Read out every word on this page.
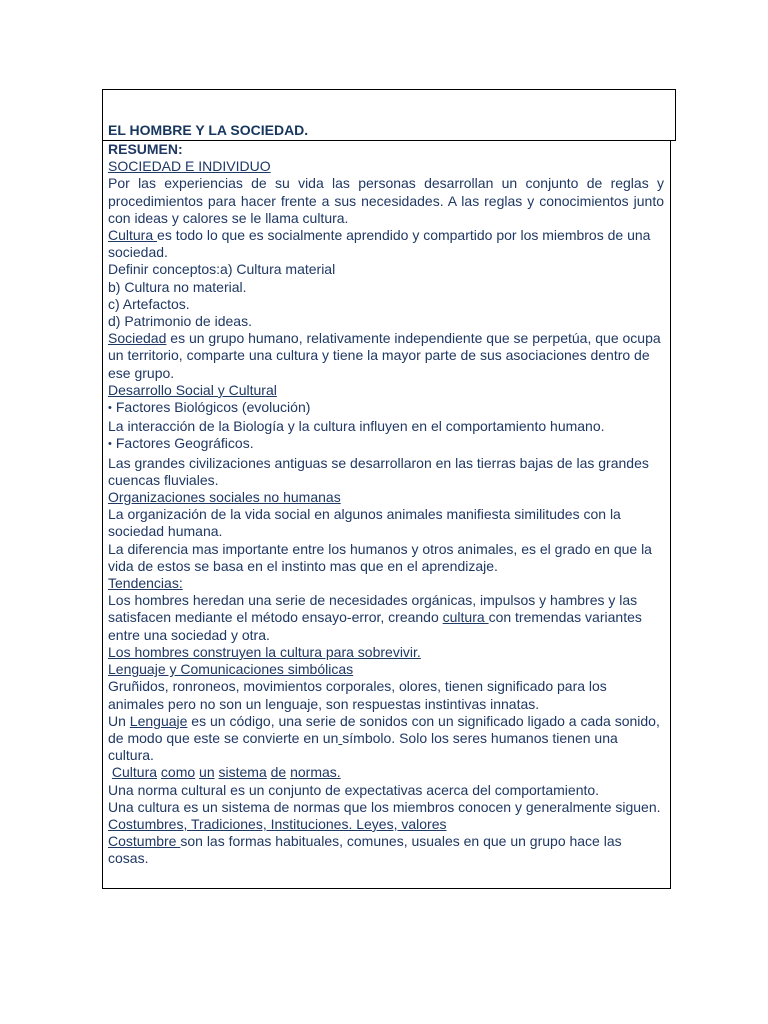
EL HOMBRE Y LA SOCIEDAD.

RESUMEN:

SOCIEDAD E INDIVIDUO

Por las experiencias de su vida las personas desarrollan un conjunto de reglas y procedimientos para hacer frente a sus necesidades. A las reglas y conocimientos junto con ideas y calores se le llama cultura.

Cultura es todo lo que es socialmente aprendido y compartido por los miembros de una sociedad.

Definir conceptos:a) Cultura material

b) Cultura no material.

c) Artefactos.

d) Patrimonio de ideas.

Sociedad es un grupo humano, relativamente independiente que se perpetúa, que ocupa un territorio, comparte una cultura y tiene la mayor parte de sus asociaciones dentro de ese grupo.

Desarrollo Social y Cultural

• Factores Biológicos (evolución)

La interacción de la Biología y la cultura influyen en el comportamiento humano.

• Factores Geográficos.

Las grandes civilizaciones antiguas se desarrollaron en las tierras bajas de las grandes cuencas fluviales.

Organizaciones sociales no humanas

La organización de la vida social en algunos animales manifiesta similitudes con la sociedad humana.

La diferencia mas importante entre los humanos y otros animales, es el grado en que la vida de estos se basa en el instinto mas que en el aprendizaje.

Tendencias:

Los hombres heredan una serie de necesidades orgánicas, impulsos y hambres y las satisfacen mediante el método ensayo-error, creando cultura con tremendas variantes entre una sociedad y otra.

Los hombres construyen la cultura para sobrevivir.

Lenguaje y Comunicaciones simbólicas

Gruñidos, ronroneos, movimientos corporales, olores, tienen significado para los animales pero no son un lenguaje, son respuestas instintivas innatas.

Un Lenguaje es un código, una serie de sonidos con un significado ligado a cada sonido, de modo que este se convierte en un símbolo. Solo los seres humanos tienen una cultura.

Cultura como un sistema de normas.

Una norma cultural es un conjunto de expectativas acerca del comportamiento.

Una cultura es un sistema de normas que los miembros conocen y generalmente siguen.

Costumbres, Tradiciones, Instituciones. Leyes, valores

Costumbre son las formas habituales, comunes, usuales en que un grupo hace las cosas.
